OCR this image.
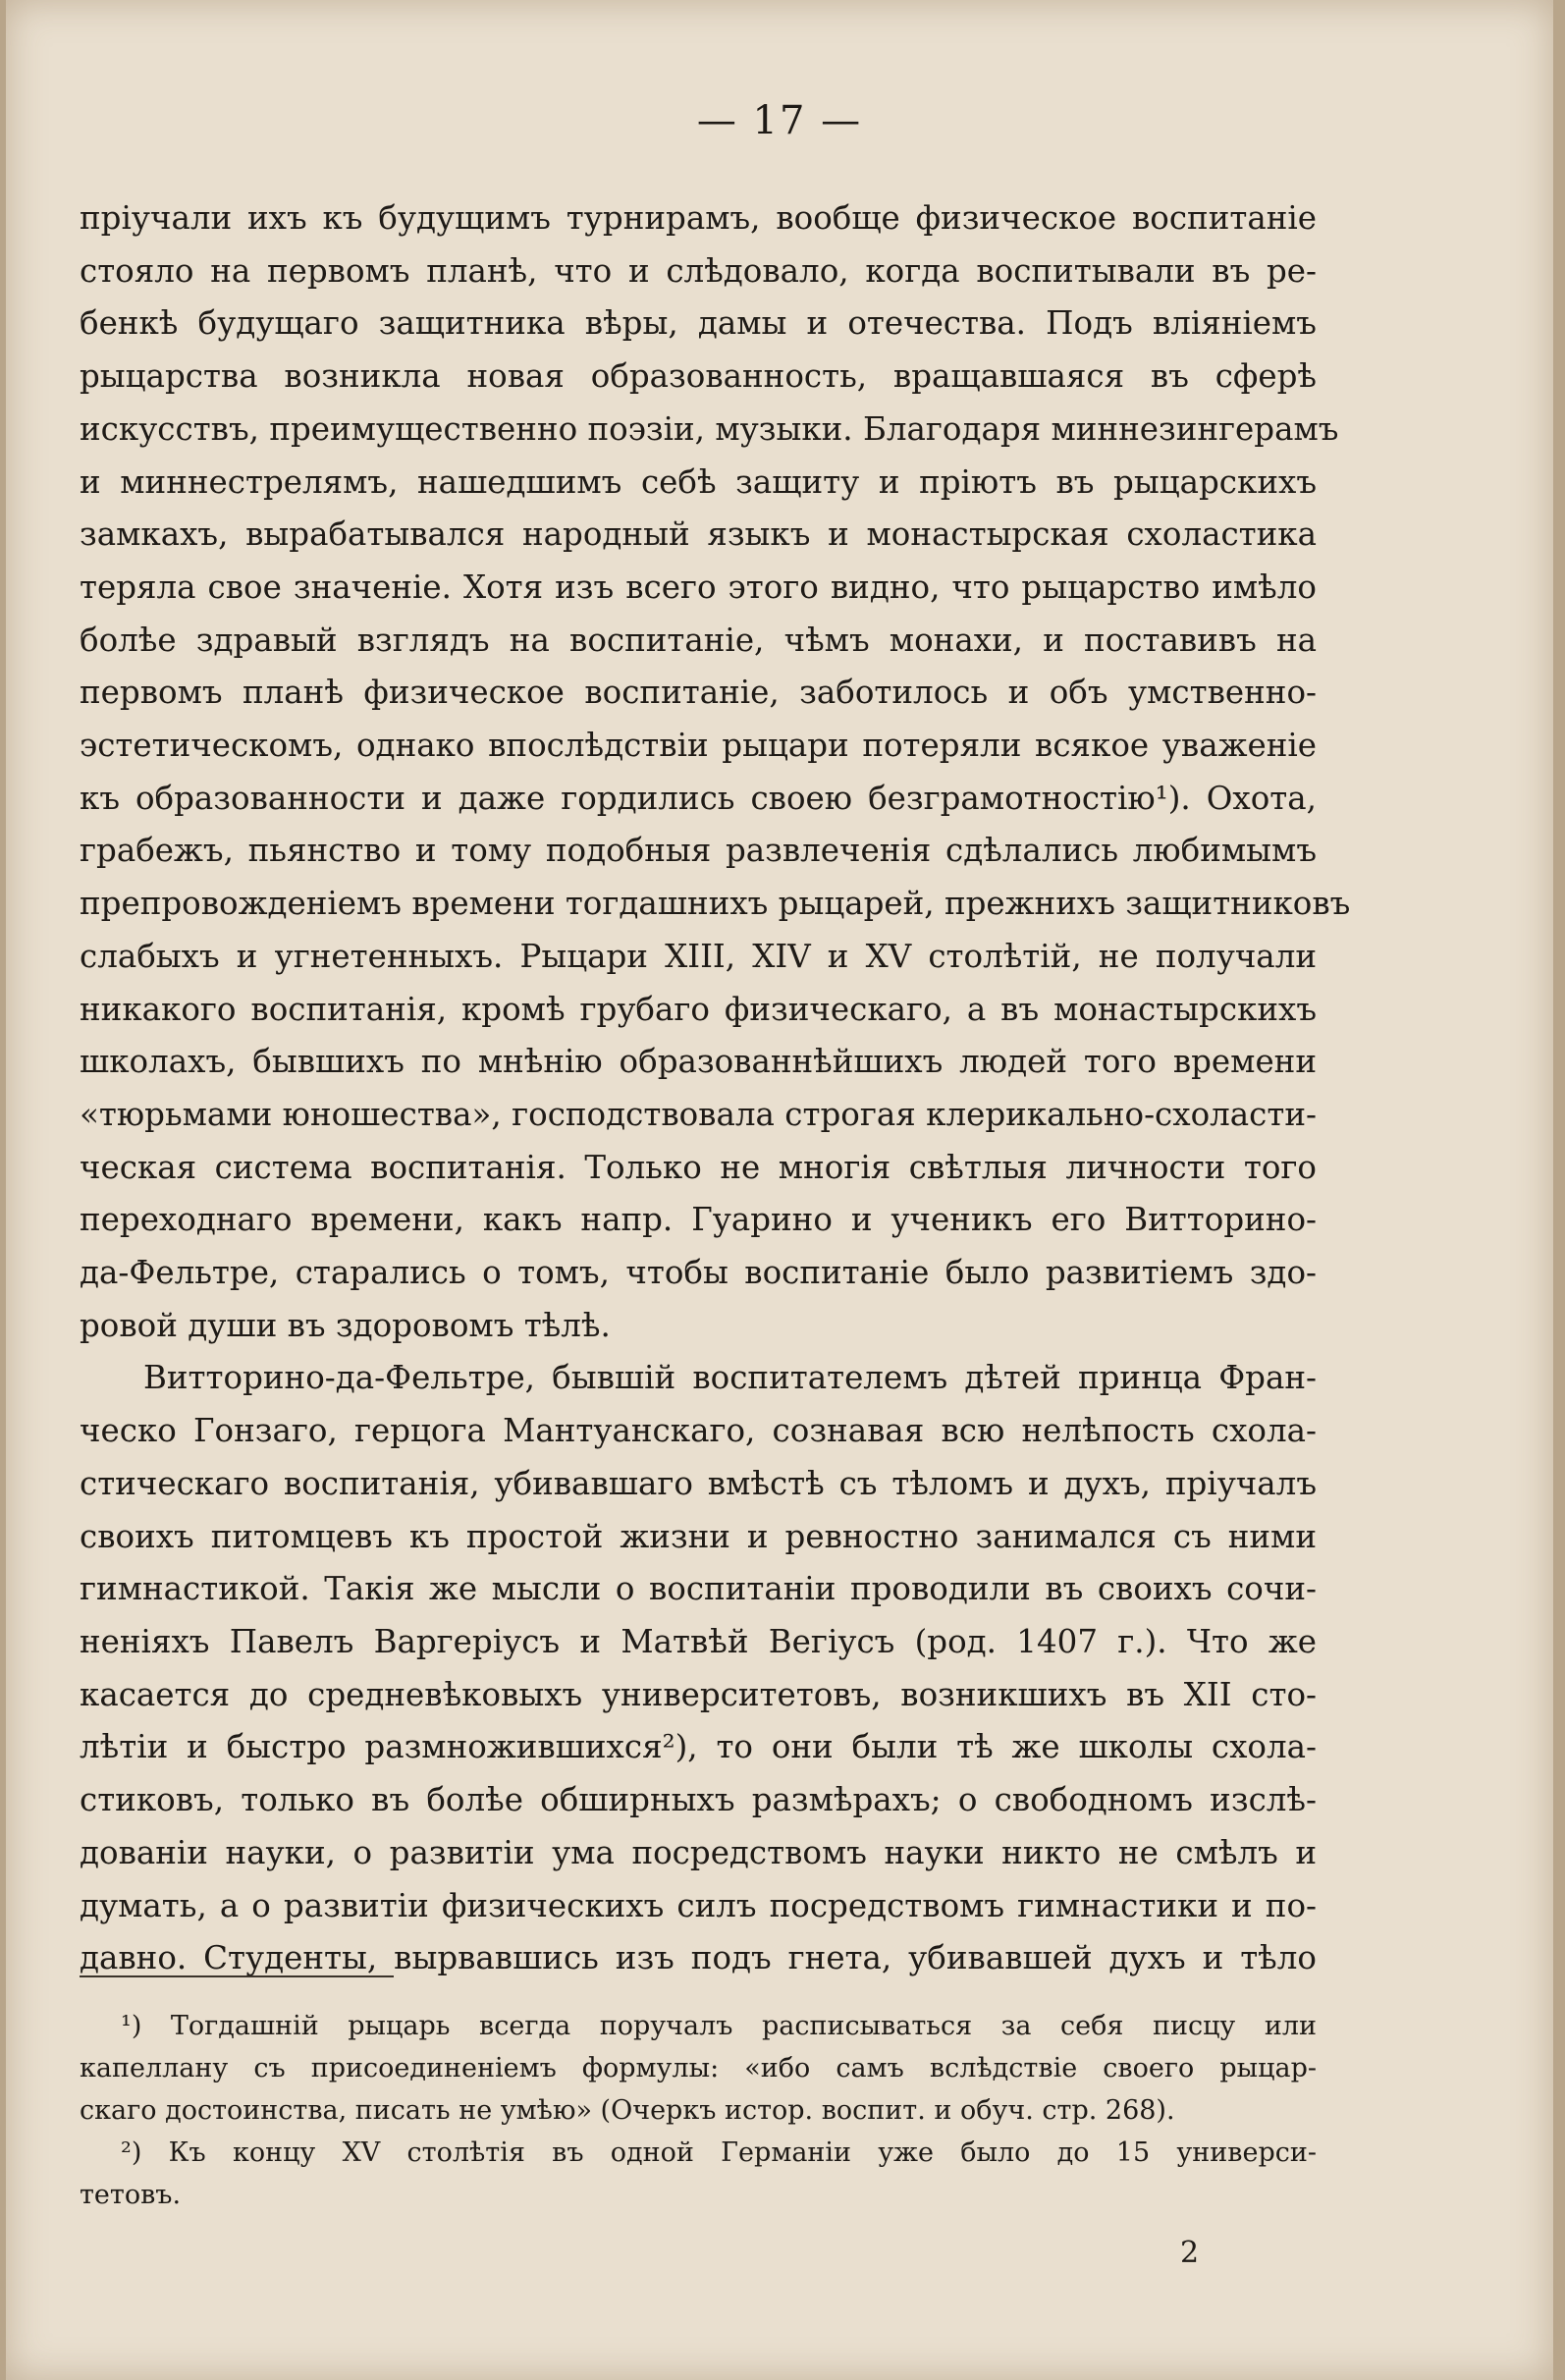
— 17 —

пріучали ихъ къ будущимъ турнирамъ, вообще физическое воспитаніе
стояло на первомъ планѣ, что и слѣдовало, когда воспитывали въ ре-
бенкѣ будущаго защитника вѣры, дамы и отечества. Подъ вліяніемъ
рыцарства возникла новая образованность, вращавшаяся въ сферѣ
искусствъ, преимущественно поэзіи, музыки. Благодаря миннезингерамъ
и миннестрелямъ, нашедшимъ себѣ защиту и пріютъ въ рыцарскихъ
замкахъ, вырабатывался народный языкъ и монастырская схоластика
теряла свое значеніе. Хотя изъ всего этого видно, что рыцарство имѣло
болѣе здравый взглядъ на воспитаніе, чѣмъ монахи, и поставивъ на
первомъ планѣ физическое воспитаніе, заботилось и объ умственно-
эстетическомъ, однако впослѣдствіи рыцари потеряли всякое уваженіе
къ образованности и даже гордились своею безграмотностію¹). Охота,
грабежъ, пьянство и тому подобныя развлеченія сдѣлались любимымъ
препровожденіемъ времени тогдашнихъ рыцарей, прежнихъ защитниковъ
слабыхъ и угнетенныхъ. Рыцари XIII, XIV и XV столѣтій, не получали
никакого воспитанія, кромѣ грубаго физическаго, а въ монастырскихъ
школахъ, бывшихъ по мнѣнію образованнѣйшихъ людей того времени
«тюрьмами юношества», господствовала строгая клерикально-схоласти-
ческая система воспитанія. Только не многія свѣтлыя личности того
переходнаго времени, какъ напр. Гуарино и ученикъ его Витторино-
да-Фельтре, старались о томъ, чтобы воспитаніе было развитіемъ здо-
ровой души въ здоровомъ тѣлѣ.

Витторино-да-Фельтре, бывшій воспитателемъ дѣтей принца Фран-
ческо Гонзаго, герцога Мантуанскаго, сознавая всю нелѣпость схола-
стическаго воспитанія, убивавшаго вмѣстѣ съ тѣломъ и духъ, пріучалъ
своихъ питомцевъ къ простой жизни и ревностно занимался съ ними
гимнастикой. Такія же мысли о воспитаніи проводили въ своихъ сочи-
неніяхъ Павелъ Варгеріусъ и Матвѣй Вегіусъ (род. 1407 г.). Что же
касается до средневѣковыхъ университетовъ, возникшихъ въ XII сто-
лѣтіи и быстро размножившихся²), то они были тѣ же школы схола-
стиковъ, только въ болѣе обширныхъ размѣрахъ; о свободномъ изслѣ-
дованіи науки, о развитіи ума посредствомъ науки никто не смѣлъ и
думать, а о развитіи физическихъ силъ посредствомъ гимнастики и по-
давно. Студенты, вырвавшись изъ подъ гнета, убивавшей духъ и тѣло

¹) Тогдашній рыцарь всегда поручалъ расписываться за себя писцу или
капеллану съ присоединеніемъ формулы: «ибо самъ вслѣдствіе своего рыцар-
скаго достоинства, писать не умѣю» (Очеркъ истор. воспит. и обуч. стр. 268).
²) Къ концу XV столѣтія въ одной Германіи уже было до 15 универси-
тетовъ.
2
